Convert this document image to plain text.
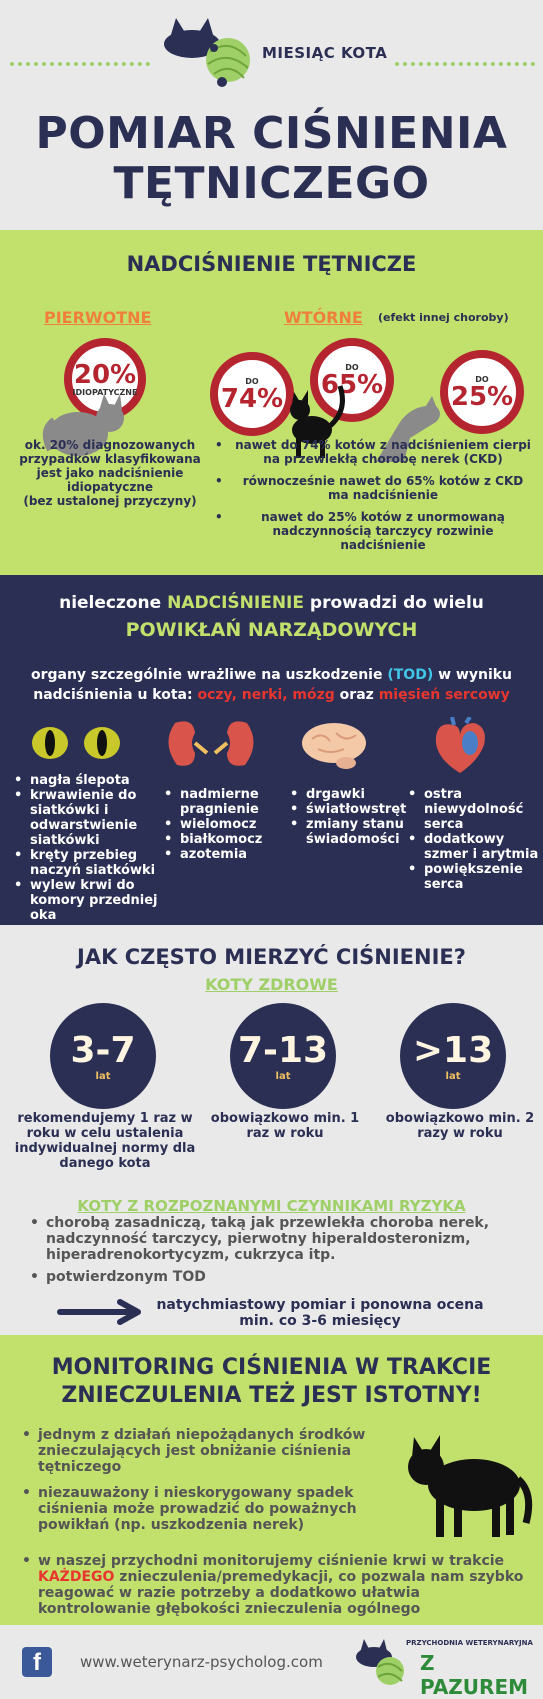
MIESIĄC KOTA
POMIAR CIŚNIENIA
TĘTNICZEGO
NADCIŚNIENIE TĘTNICZE
PIERWOTNE	WTÓRNE (efekt innej choroby)
20%
IDIOPATYCZNE
DO
74%
DO
65%	DO
25%
ok. 20% diagnozowanych
przypadków klasyfikowana
jest jako nadciśnienie
idiopatyczne
(bez ustalonej przyczyny)
• nawet do 74% kotów z nadciśnieniem cierpi na przewlekłą chorobę nerek (CKD)
• równocześnie nawet do 65% kotów z CKD ma nadciśnienie
• nawet do 25% kotów z unormowaną nadczynnością tarczycy rozwinie nadciśnienie
nieleczone NADCIŚNIENIE prowadzi do wielu
POWIKŁAŃ NARZĄDOWYCH
organy szczególnie wrażliwe na uszkodzenie (TOD) w wyniku
nadciśnienia u kota: oczy, nerki, mózg oraz mięsień sercowy
• nagła ślepota
• krwawienie do siatkówki i odwarstwienie siatkówki
• kręty przebieg naczyń siatkówki
• wylew krwi do komory przedniej oka
• nadmierne pragnienie
• wielomocz
• białkomocz
• azotemia
• drgawki
• światłowstręt
• zmiany stanu świadomości
• ostra niewydolność serca
• dodatkowy szmer i arytmia
• powiększenie serca
JAK CZĘSTO MIERZYĆ CIŚNIENIE?
KOTY ZDROWE
3-7
lat
7-13
lat
>13
lat
rekomendujemy 1 raz w roku w celu ustalenia indywidualnej normy dla danego kota
obowiązkowo min. 1 raz w roku
obowiązkowo min. 2 razy w roku
KOTY Z ROZPOZNANYMI CZYNNIKAMI RYZYKA
• chorobą zasadniczą, taką jak przewlekła choroba nerek, nadczynność tarczycy, pierwotny hiperaldosteronizm, hiperadrenokortycyzm, cukrzyca itp.
• potwierdzonym TOD
natychmiastowy pomiar i ponowna ocena min. co 3-6 miesięcy
MONITORING CIŚNIENIA W TRAKCIE
ZNIECZULENIA TEŻ JEST ISTOTNY!
• jednym z działań niepożądanych środków znieczulających jest obniżanie ciśnienia tętniczego
• niezauważony i nieskorygowany spadek ciśnienia może prowadzić do poważnych powikłań (np. uszkodzenia nerek)
• w naszej przychodni monitorujemy ciśnienie krwi w trakcie KAŻDEGO znieczulenia/premedykacji, co pozwala nam szybko reagować w razie potrzeby a dodatkowo ułatwia kontrolowanie głębokości znieczulenia ogólnego
f	www.weterynarz-psycholog.com
PRZYCHODNIA WETERYNARYJNA
Z PAZUREM
